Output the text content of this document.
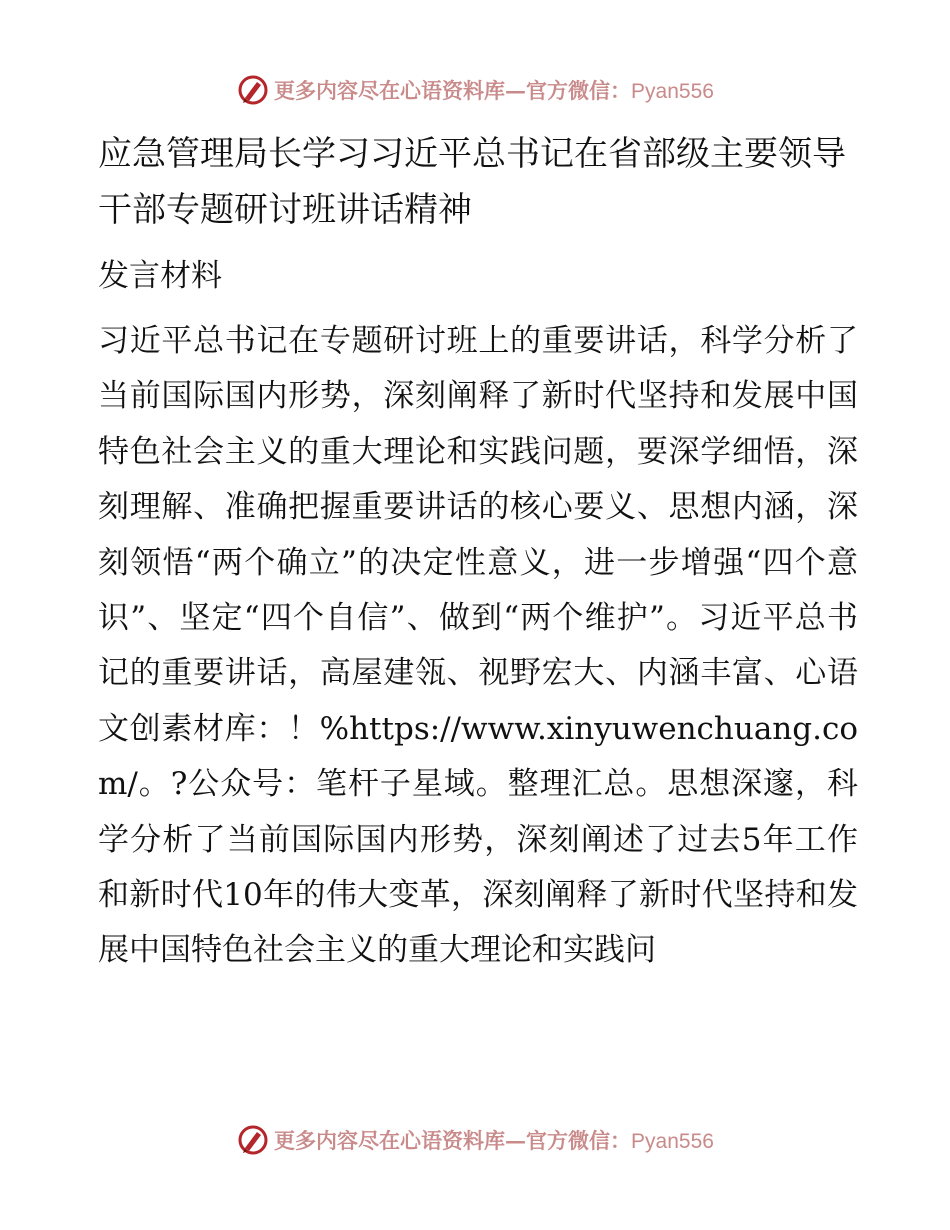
更多内容尽在心语资料库—官方微信：Pyan556
应急管理局长学习习近平总书记在省部级主要领导干部专题研讨班讲话精神

发言材料

习近平总书记在专题研讨班上的重要讲话，科学分析了当前国际国内形势，深刻阐释了新时代坚持和发展中国特色社会主义的重大理论和实践问题，要深学细悟，深刻理解、准确把握重要讲话的核心要义、思想内涵，深刻领悟“两个确立”的决定性意义，进一步增强“四个意识”、坚定“四个自信”、做到“两个维护”。习近平总书记的重要讲话，高屋建瓴、视野宏大、内涵丰富、心语文创素材库：！%https://www.xinyuwenchuang.com/。?公众号：笔杆子星域。整理汇总。思想深邃，科学分析了当前国际国内形势，深刻阐述了过去5年工作和新时代10年的伟大变革，深刻阐释了新时代坚持和发展中国特色社会主义的重大理论和实践问

更多内容尽在心语资料库—官方微信：Pyan556
